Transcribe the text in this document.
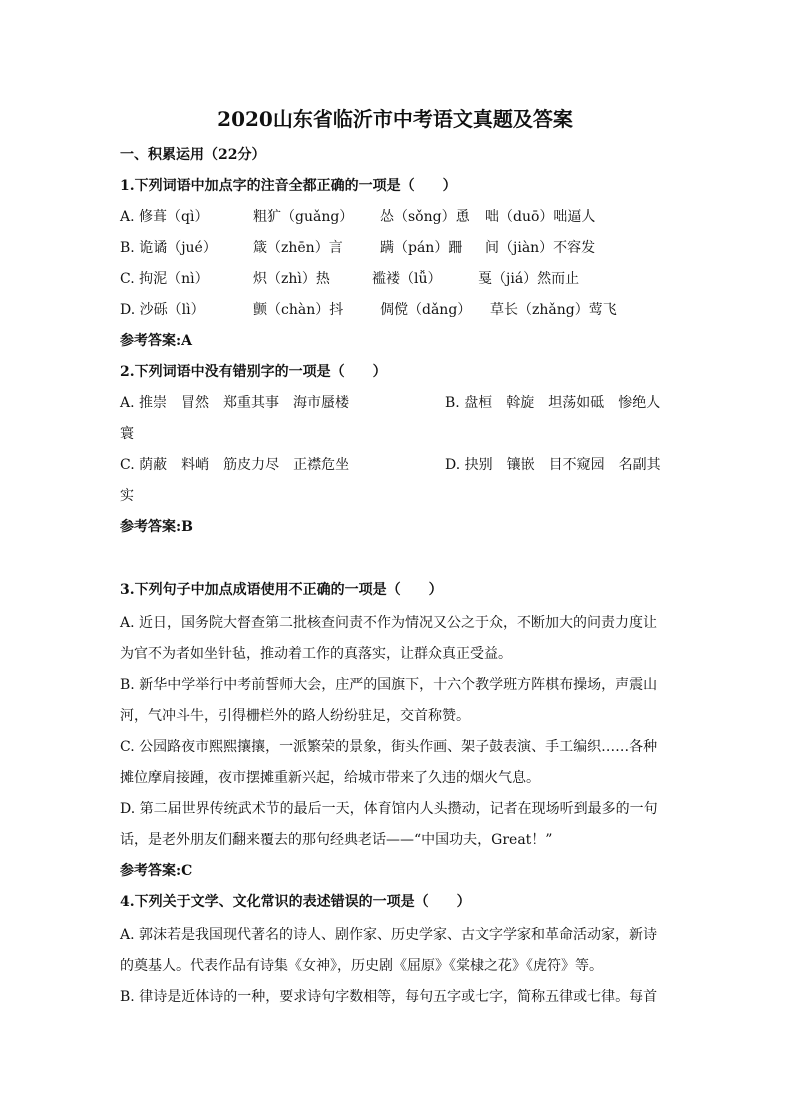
2020山东省临沂市中考语文真题及答案
一、积累运用（22分）
1.下列词语中加点字的注音全都正确的一项是（　　）
A. 修葺（qì）	粗犷（guǎng） 怂（sǒng）恿 咄（duō）咄逼人
B. 诡谲（jué）	箴（zhēn）言	蹒（pán）跚 间（jiàn）不容发
C. 拘泥（nì）	炽（zhì）热	褴褛（lǚ）	戛（jiá）然而止
D. 沙砾（lì）	颤（chàn）抖	倜傥（dǎng） 草长（zhǎng）莺飞
参考答案:A
2.下列词语中没有错别字的一项是（　　）
A. 推崇　冒然　郑重其事　海市蜃楼	B. 盘桓　斡旋　坦荡如砥　惨绝人
寰
C. 荫蔽　料峭　筋皮力尽　正襟危坐	D. 抉别　镶嵌　目不窥园　名副其
实
参考答案:B
3.下列句子中加点成语使用不正确的一项是（　　）
A. 近日，国务院大督查第二批核查问责不作为情况又公之于众，不断加大的问责力度让
为官不为者如坐针毡，推动着工作的真落实，让群众真正受益。
B. 新华中学举行中考前誓师大会，庄严的国旗下，十六个教学班方阵棋布操场，声震山
河，气冲斗牛，引得栅栏外的路人纷纷驻足，交首称赞。
C. 公园路夜市熙熙攘攘，一派繁荣的景象，街头作画、架子鼓表演、手工编织……各种
摊位摩肩接踵，夜市摆摊重新兴起，给城市带来了久违的烟火气息。
D. 第二届世界传统武术节的最后一天，体育馆内人头攒动，记者在现场听到最多的一句
话，是老外朋友们翻来覆去的那句经典老话——“中国功夫，Great！”
参考答案:C
4.下列关于文学、文化常识的表述错误的一项是（　　）
A. 郭沫若是我国现代著名的诗人、剧作家、历史学家、古文字学家和革命活动家，新诗
的奠基人。代表作品有诗集《女神》，历史剧《屈原》《棠棣之花》《虎符》等。
B. 律诗是近体诗的一种，要求诗句字数相等，每句五字或七字，简称五律或七律。每首
